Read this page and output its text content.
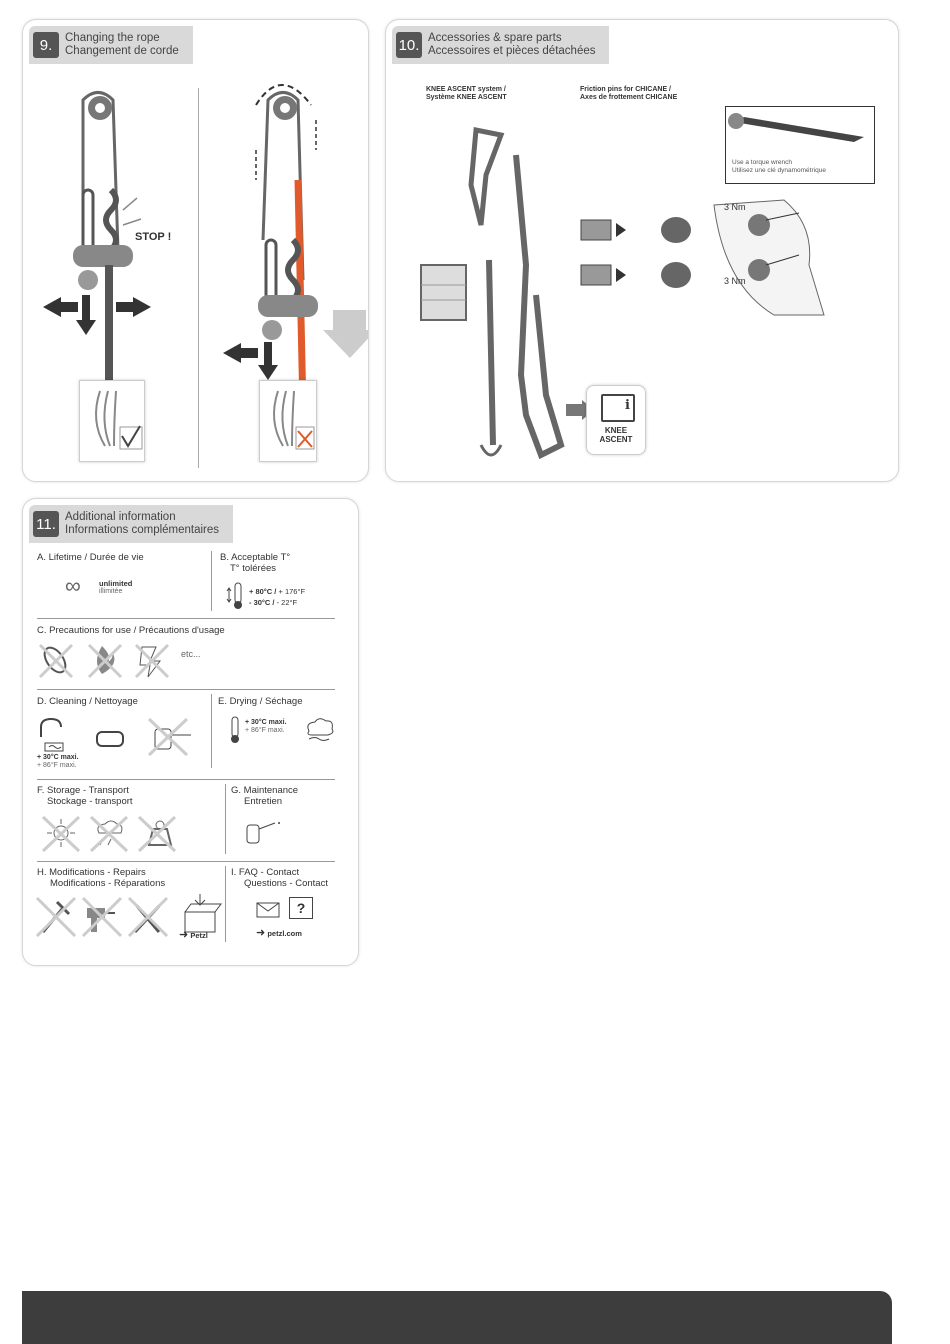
9.	Changing the rope
Changement de corde
STOP !
10. Accessories & spare parts
Accessoires et pièces détachées
KNEE ASCENT system /
Système KNEE ASCENT
Friction pins for CHICANE /
Axes de frottement CHICANE
Use a torque wrench
Utilisez une clé dynamométrique
3 Nm
3 Nm
i
KNEE
ASCENT
11. Additional information
Informations complémentaires
A. Lifetime / Durée de vie
∞ unlimited
illimitée
B. Acceptable T°
T° tolérées
+ 80°C / + 176°F
- 30°C / - 22°F
C. Precautions for use / Précautions d'usage
etc...
D. Cleaning / Nettoyage
+ 30°C maxi.
+ 86°F maxi.
E. Drying / Séchage
+ 30°C maxi.
+ 86°F maxi.
F. Storage - Transport
Stockage - transport
G. Maintenance
Entretien
H. Modifications - Repairs
Modifications - Réparations
➜ Petzl
I. FAQ - Contact
Questions - Contact
?
➜ petzl.com
